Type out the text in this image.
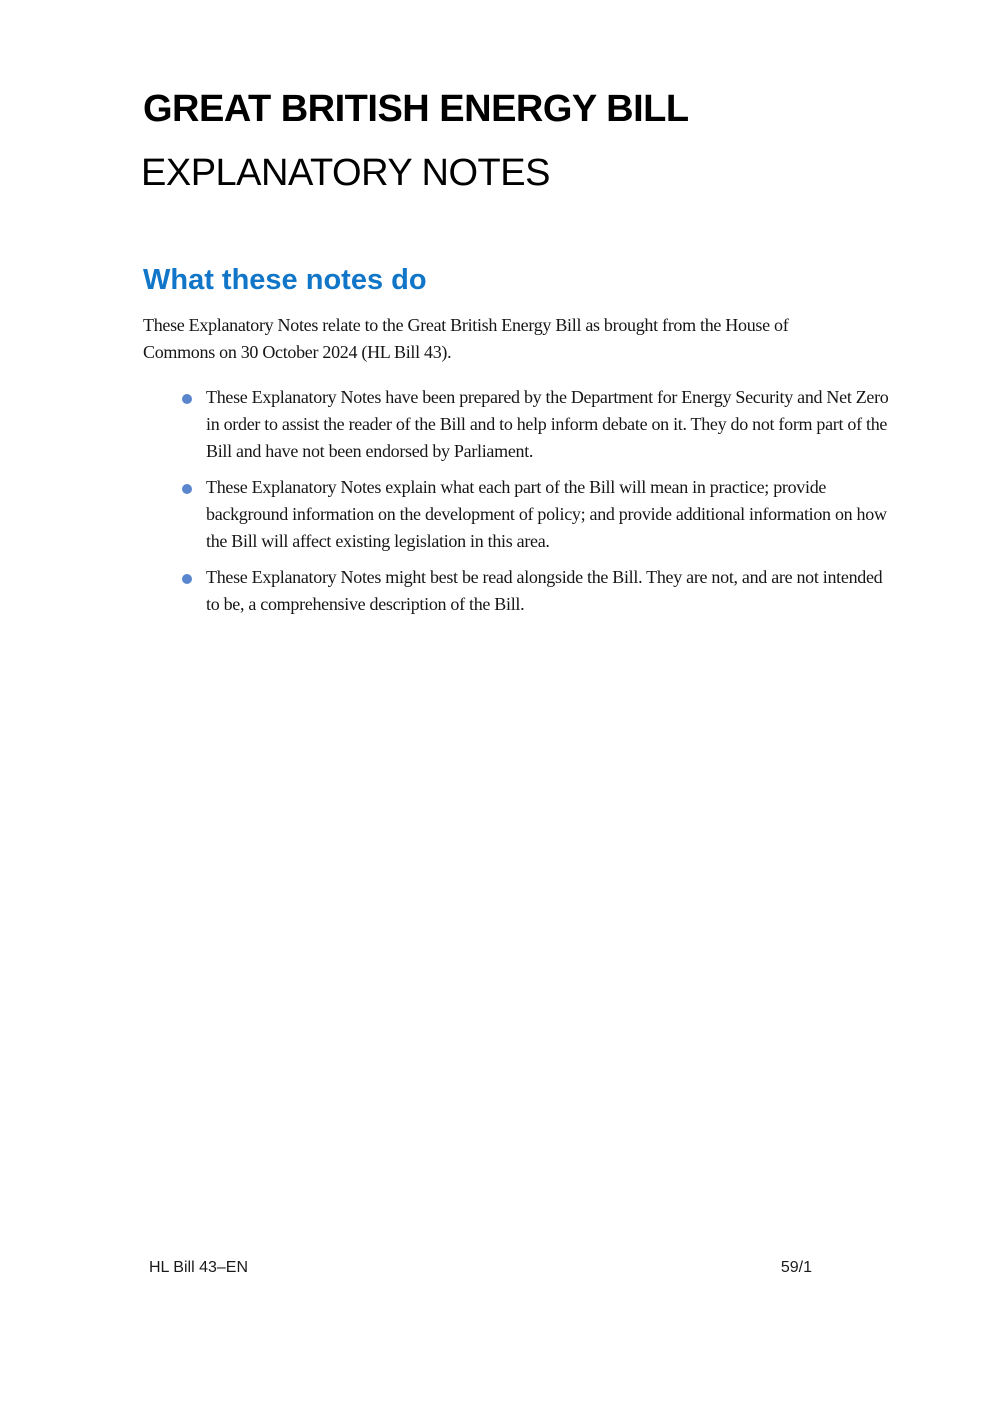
GREAT BRITISH ENERGY BILL
EXPLANATORY NOTES
What these notes do

These Explanatory Notes relate to the Great British Energy Bill as brought from the House of Commons on 30 October 2024 (HL Bill 43).

These Explanatory Notes have been prepared by the Department for Energy Security and Net Zero in order to assist the reader of the Bill and to help inform debate on it. They do not form part of the Bill and have not been endorsed by Parliament.
These Explanatory Notes explain what each part of the Bill will mean in practice; provide background information on the development of policy; and provide additional information on how the Bill will affect existing legislation in this area.
These Explanatory Notes might best be read alongside the Bill. They are not, and are not intended to be, a comprehensive description of the Bill.

HL Bill 43–EN	59/1
